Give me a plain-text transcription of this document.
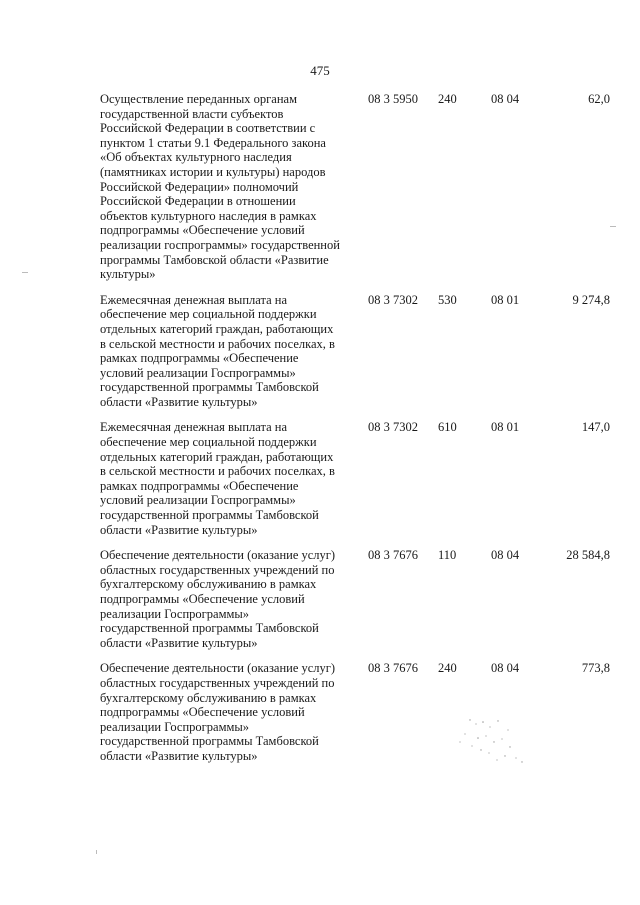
475
Осуществление переданных органам
государственной власти субъектов
Российской Федерации в соответствии с
пунктом 1 статьи 9.1 Федерального закона
«Об объектах культурного наследия
(памятниках истории и культуры) народов
Российской Федерации» полномочий
Российской Федерации в отношении
объектов культурного наследия в рамках
подпрограммы «Обеспечение условий
реализации госпрограммы» государственной
программы Тамбовской области «Развитие
культуры»
08 3 5950	240	08 04	62,0
Ежемесячная денежная выплата на
обеспечение мер социальной поддержки
отдельных категорий граждан, работающих
в сельской местности и рабочих поселках, в
рамках подпрограммы «Обеспечение
условий реализации Госпрограммы»
государственной программы Тамбовской
области «Развитие культуры»
08 3 7302	530	08 01	9 274,8
Ежемесячная денежная выплата на
обеспечение мер социальной поддержки
отдельных категорий граждан, работающих
в сельской местности и рабочих поселках, в
рамках подпрограммы «Обеспечение
условий реализации Госпрограммы»
государственной программы Тамбовской
области «Развитие культуры»
08 3 7302	610	08 01	147,0
Обеспечение деятельности (оказание услуг)
областных государственных учреждений по
бухгалтерскому обслуживанию в рамках
подпрограммы «Обеспечение условий
реализации Госпрограммы»
государственной программы Тамбовской
области «Развитие культуры»
08 3 7676	110	08 04	28 584,8
Обеспечение деятельности (оказание услуг)
областных государственных учреждений по
бухгалтерскому обслуживанию в рамках
подпрограммы «Обеспечение условий
реализации Госпрограммы»
государственной программы Тамбовской
области «Развитие культуры»
08 3 7676	240	08 04	773,8
